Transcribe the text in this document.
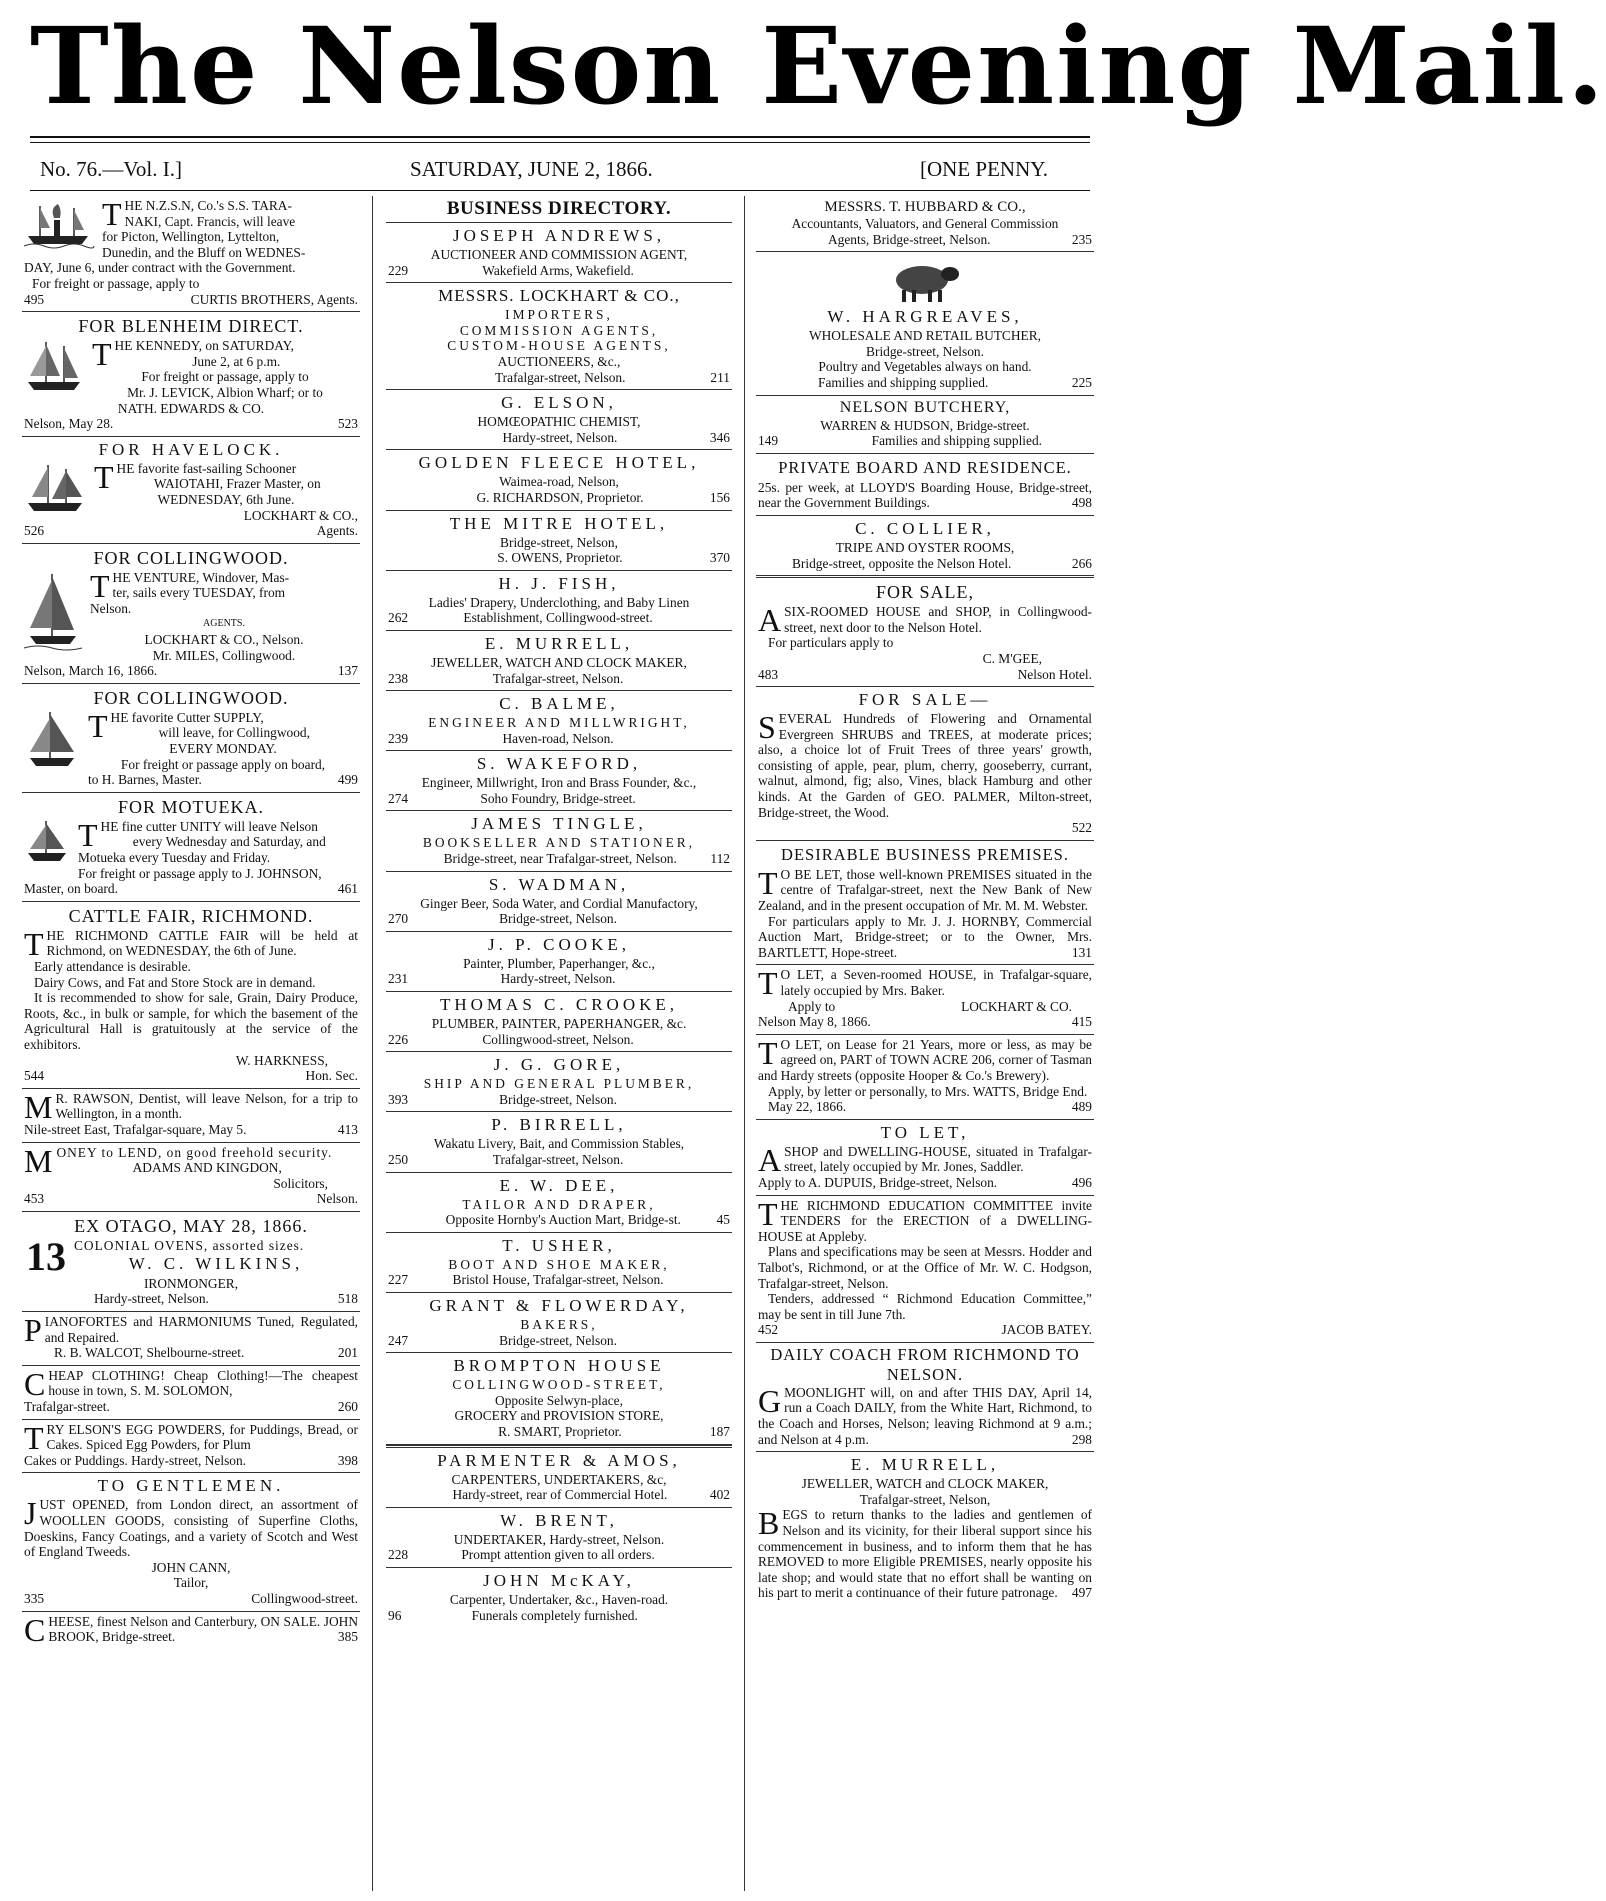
The Nelson Evening Mail.
No. 76.—Vol. I.]	SATURDAY, JUNE 2, 1866.	[ONE PENNY.
T HE N.Z.S.N, Co.'s S.S. TARA-
NAKI, Capt. Francis, will leave
for Picton, Wellington, Lyttelton,
Dunedin, and the Bluff on WEDNES-
DAY, June 6, under contract with the Government.
For freight or passage, apply to
495	CURTIS BROTHERS, Agents.
FOR BLENHEIM DIRECT.
T HE KENNEDY, on SATURDAY,
June 2, at 6 p.m.
For freight or passage, apply to
Mr. J. LEVICK, Albion Wharf; or to
NATH. EDWARDS & CO.
Nelson, May 28.	523
FOR HAVELOCK.
T HE favorite fast-sailing Schooner
WAIOTAHI, Frazer Master, on
WEDNESDAY, 6th June.
LOCKHART & CO.,
526	Agents.
FOR COLLINGWOOD.
T HE VENTURE, Windover, Mas-
ter, sails every TUESDAY, from
Nelson.
AGENTS.
LOCKHART & CO., Nelson.
Mr. MILES, Collingwood.
Nelson, March 16, 1866.	137
FOR COLLINGWOOD.
T HE favorite Cutter SUPPLY,
will leave, for Collingwood,
EVERY MONDAY.
For freight or passage apply on board,
to H. Barnes, Master.	499
FOR MOTUEKA.
T HE fine cutter UNITY will leave Nelson
every Wednesday and Saturday, and
Motueka every Tuesday and Friday.
For freight or passage apply to J. JOHNSON,
Master, on board.	461
CATTLE FAIR, RICHMOND.
THE RICHMOND CATTLE FAIR will be held at Richmond, on WEDNESDAY, the 6th of June.
Early attendance is desirable.
Dairy Cows, and Fat and Store Stock are in demand.
It is recommended to show for sale, Grain, Dairy Produce, Roots, &c., in bulk or sample, for which the basement of the Agricultural Hall is gratuitously at the service of the exhibitors.
W. HARKNESS,
544	Hon. Sec.
M R. RAWSON, Dentist, will leave Nelson, for a trip to Wellington, in a month.
Nile-street East, Trafalgar-square, May 5.	413
MONEY to LEND, on good freehold security.
ADAMS AND KINGDON,
Solicitors,
453	Nelson.
EX OTAGO, MAY 28, 1866.
13 COLONIAL OVENS, assorted sizes.
W. C. WILKINS,
IRONMONGER,
Hardy-street, Nelson.	518
PIANOFORTES and HARMONIUMS Tuned, Regulated, and Repaired.
R. B. WALCOT, Shelbourne-street.	201
CHEAP CLOTHING! Cheap Clothing!—The cheapest house in town, S. M. SOLOMON,
Trafalgar-street.	260
TRY ELSON'S EGG POWDERS, for Puddings, Bread, or Cakes. Spiced Egg Powders, for Plum
Cakes or Puddings. Hardy-street, Nelson.	398
TO GENTLEMEN.
JUST OPENED, from London direct, an assortment of WOOLLEN GOODS, consisting of Superfine Cloths, Doeskins, Fancy Coatings, and a variety of Scotch and West of England Tweeds.
JOHN CANN,
Tailor,
335	Collingwood-street.
CHEESE, finest Nelson and Canterbury, ON SALE. JOHN BROOK, Bridge-street.	385
BUSINESS DIRECTORY.
JOSEPH ANDREWS,
AUCTIONEER AND COMMISSION AGENT,
229	Wakefield Arms, Wakefield.
MESSRS. LOCKHART & CO.,
IMPORTERS,
COMMISSION AGENTS,
CUSTOM-HOUSE AGENTS,
AUCTIONEERS, &c.,
Trafalgar-street, Nelson.	211
G. ELSON,
HOMŒOPATHIC CHEMIST,
Hardy-street, Nelson.	346
GOLDEN FLEECE HOTEL,
Waimea-road, Nelson,
G. RICHARDSON, Proprietor.	156
THE MITRE HOTEL,
Bridge-street, Nelson,
S. OWENS, Proprietor.	370
H. J. FISH,
Ladies' Drapery, Underclothing, and Baby Linen
262	Establishment, Collingwood-street.
E. MURRELL,
JEWELLER, WATCH AND CLOCK MAKER,
238	Trafalgar-street, Nelson.
C. BALME,
ENGINEER AND MILLWRIGHT,
239	Haven-road, Nelson.
S. WAKEFORD,
Engineer, Millwright, Iron and Brass Founder, &c.,
274	Soho Foundry, Bridge-street.
JAMES TINGLE,
BOOKSELLER AND STATIONER,
Bridge-street, near Trafalgar-street, Nelson.	112
S. WADMAN,
Ginger Beer, Soda Water, and Cordial Manufactory,
270	Bridge-street, Nelson.
J. P. COOKE,
Painter, Plumber, Paperhanger, &c.,
231	Hardy-street, Nelson.
THOMAS C. CROOKE,
PLUMBER, PAINTER, PAPERHANGER, &c.
226	Collingwood-street, Nelson.
J. G. GORE,
SHIP AND GENERAL PLUMBER,
393	Bridge-street, Nelson.
P. BIRRELL,
Wakatu Livery, Bait, and Commission Stables,
250	Trafalgar-street, Nelson.
E. W. DEE,
TAILOR AND DRAPER,
Opposite Hornby's Auction Mart, Bridge-st.	45
T. USHER,
BOOT AND SHOE MAKER,
227	Bristol House, Trafalgar-street, Nelson.
GRANT & FLOWERDAY,
BAKERS,
247	Bridge-street, Nelson.
BROMPTON HOUSE
COLLINGWOOD-STREET,
Opposite Selwyn-place,
GROCERY and PROVISION STORE,
R. SMART, Proprietor.	187
PARMENTER & AMOS,
CARPENTERS, UNDERTAKERS, &c,
Hardy-street, rear of Commercial Hotel.	402
W. BRENT,
UNDERTAKER, Hardy-street, Nelson.
228	Prompt attention given to all orders.
JOHN McKAY,
Carpenter, Undertaker, &c., Haven-road.
96	Funerals completely furnished.
MESSRS. T. HUBBARD & CO.,
Accountants, Valuators, and General Commission
Agents, Bridge-street, Nelson.	235
W. HARGREAVES,
WHOLESALE AND RETAIL BUTCHER,
Bridge-street, Nelson.
Poultry and Vegetables always on hand.
Families and shipping supplied.	225
NELSON BUTCHERY,
WARREN & HUDSON, Bridge-street.
149	Families and shipping supplied.
PRIVATE BOARD AND RESIDENCE.
25s. per week, at LLOYD'S Boarding House, Bridge-street, near the Government Buildings.	498
C. COLLIER,
TRIPE AND OYSTER ROOMS,
Bridge-street, opposite the Nelson Hotel.	266
FOR SALE,
ASIX-ROOMED HOUSE and SHOP, in Collingwood-street, next door to the Nelson Hotel.
For particulars apply to
C. M'GEE,
483	Nelson Hotel.
FOR SALE—
SEVERAL Hundreds of Flowering and Ornamental Evergreen SHRUBS and TREES, at moderate prices; also, a choice lot of Fruit Trees of three years' growth, consisting of apple, pear, plum, cherry, gooseberry, currant, walnut, almond, fig; also, Vines, black Hamburg and other kinds. At the Garden of GEO. PALMER, Milton-street, Bridge-street, the Wood.
522
DESIRABLE BUSINESS PREMISES.
T O BE LET, those well-known PREMISES situated in the centre of Trafalgar-street, next the New Bank of New Zealand, and in the present occupation of Mr. M. M. Webster.
For particulars apply to Mr. J. J. HORNBY, Commercial Auction Mart, Bridge-street; or to the Owner, Mrs. BARTLETT, Hope-street.	131
T O LET, a Seven-roomed HOUSE, in Trafalgar-square, lately occupied by Mrs. Baker.
Apply to	LOCKHART & CO.
Nelson May 8, 1866.	415
T O LET, on Lease for 21 Years, more or less, as may be agreed on, PART of TOWN ACRE 206, corner of Tasman and Hardy streets (opposite Hooper & Co.'s Brewery).
Apply, by letter or personally, to Mrs. WATTS, Bridge End.
May 22, 1866.	489
TO LET,
ASHOP and DWELLING-HOUSE, situated in Trafalgar-street, lately occupied by Mr. Jones, Saddler.
Apply to A. DUPUIS, Bridge-street, Nelson.	496
THE RICHMOND EDUCATION COMMITTEE invite TENDERS for the ERECTION of a DWELLING-HOUSE at Appleby.
Plans and specifications may be seen at Messrs. Hodder and Talbot's, Richmond, or at the Office of Mr. W. C. Hodgson, Trafalgar-street, Nelson.
Tenders, addressed “ Richmond Education Committee,” may be sent in till June 7th.
452	JACOB BATEY.
DAILY COACH FROM RICHMOND TO NELSON.
GMOONLIGHT will, on and after THIS DAY, April 14, run a Coach DAILY, from the White Hart, Richmond, to the Coach and Horses, Nelson; leaving Richmond at 9 a.m.; and Nelson at 4 p.m.	298
E. MURRELL,
JEWELLER, WATCH and CLOCK MAKER,
Trafalgar-street, Nelson,
BEGS to return thanks to the ladies and gentlemen of Nelson and its vicinity, for their liberal support since his commencement in business, and to inform them that he has REMOVED to more Eligible PREMISES, nearly opposite his late shop; and would state that no effort shall be wanting on his part to merit a continuance of their future patronage. 497
